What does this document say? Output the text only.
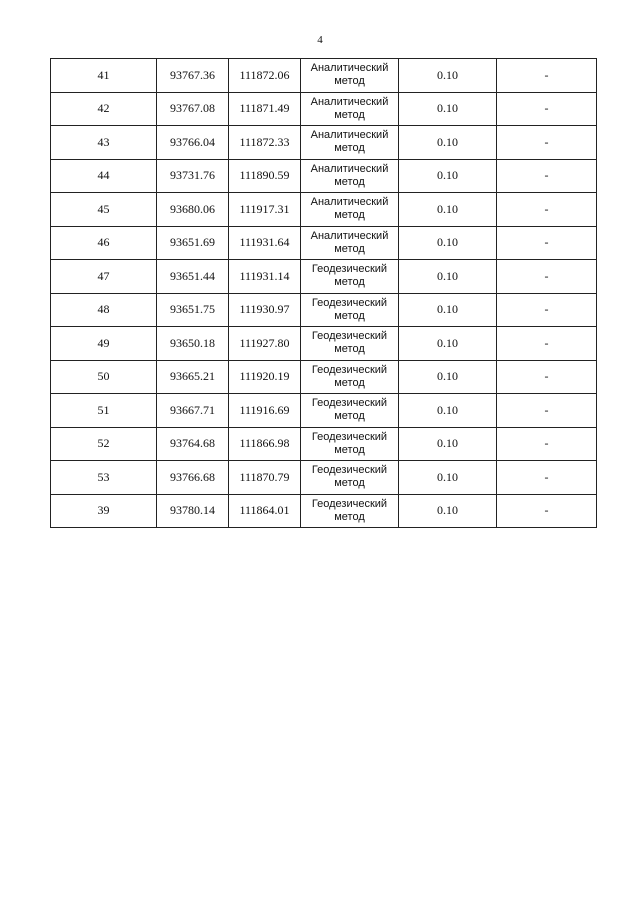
4
41	93767.36	111872.06	Аналитический метод	0.10	-
42	93767.08	111871.49	Аналитический метод	0.10	-
43	93766.04	111872.33	Аналитический метод	0.10	-
44	93731.76	111890.59	Аналитический метод	0.10	-
45	93680.06	111917.31	Аналитический метод	0.10	-
46	93651.69	111931.64	Аналитический метод	0.10	-
47	93651.44	111931.14	Геодезический метод	0.10	-
48	93651.75	111930.97	Геодезический метод	0.10	-
49	93650.18	111927.80	Геодезический метод	0.10	-
50	93665.21	111920.19	Геодезический метод	0.10	-
51	93667.71	111916.69	Геодезический метод	0.10	-
52	93764.68	111866.98	Геодезический метод	0.10	-
53	93766.68	111870.79	Геодезический метод	0.10	-
39	93780.14	111864.01	Геодезический метод	0.10	-
